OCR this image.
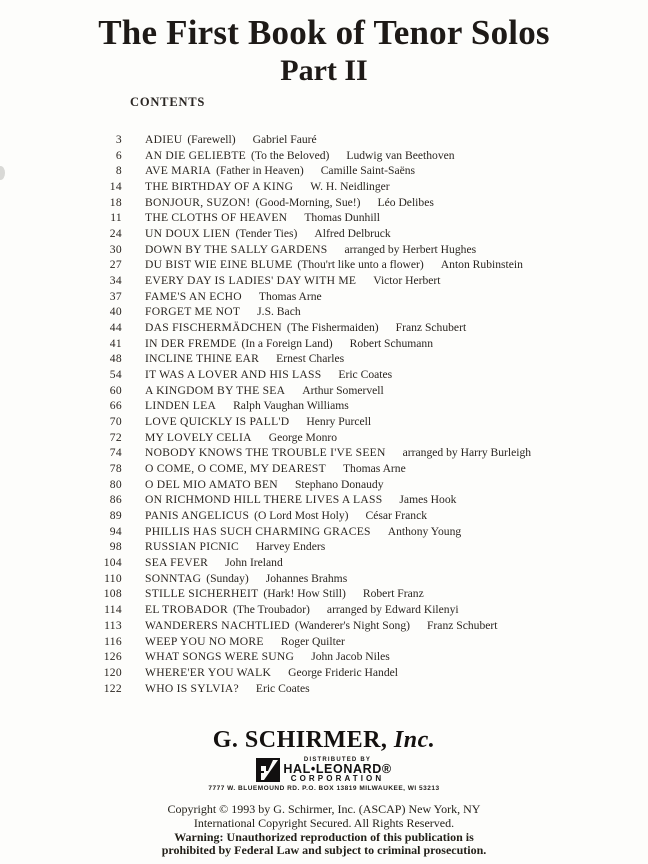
The First Book of Tenor Solos
Part II
CONTENTS
3 ADIEU (Farewell) Gabriel Fauré
6 AN DIE GELIEBTE (To the Beloved) Ludwig van Beethoven
8 AVE MARIA (Father in Heaven) Camille Saint-Saëns
14 THE BIRTHDAY OF A KING W. H. Neidlinger
18 BONJOUR, SUZON! (Good-Morning, Sue!) Léo Delibes
11 THE CLOTHS OF HEAVEN Thomas Dunhill
24 UN DOUX LIEN (Tender Ties) Alfred Delbruck
30 DOWN BY THE SALLY GARDENS arranged by Herbert Hughes
27 DU BIST WIE EINE BLUME (Thou'rt like unto a flower) Anton Rubinstein
34 EVERY DAY IS LADIES' DAY WITH ME Victor Herbert
37 FAME'S AN ECHO Thomas Arne
40 FORGET ME NOT J.S. Bach
44 DAS FISCHERMÄDCHEN (The Fishermaiden) Franz Schubert
41 IN DER FREMDE (In a Foreign Land) Robert Schumann
48 INCLINE THINE EAR Ernest Charles
54 IT WAS A LOVER AND HIS LASS Eric Coates
60 A KINGDOM BY THE SEA Arthur Somervell
66 LINDEN LEA Ralph Vaughan Williams
70 LOVE QUICKLY IS PALL'D Henry Purcell
72 MY LOVELY CELIA George Monro
74 NOBODY KNOWS THE TROUBLE I'VE SEEN arranged by Harry Burleigh
78 O COME, O COME, MY DEAREST Thomas Arne
80 O DEL MIO AMATO BEN Stephano Donaudy
86 ON RICHMOND HILL THERE LIVES A LASS James Hook
89 PANIS ANGELICUS (O Lord Most Holy) César Franck
94 PHILLIS HAS SUCH CHARMING GRACES Anthony Young
98 RUSSIAN PICNIC Harvey Enders
104 SEA FEVER John Ireland
110 SONNTAG (Sunday) Johannes Brahms
108 STILLE SICHERHEIT (Hark! How Still) Robert Franz
114 EL TROBADOR (The Troubador) arranged by Edward Kilenyi
113 WANDERERS NACHTLIED (Wanderer's Night Song) Franz Schubert
116 WEEP YOU NO MORE Roger Quilter
126 WHAT SONGS WERE SUNG John Jacob Niles
120 WHERE'ER YOU WALK George Frideric Handel
122 WHO IS SYLVIA? Eric Coates
G. SCHIRMER, Inc.
DISTRIBUTED BY
HAL•LEONARD®
CORPORATION
7777 W. BLUEMOUND RD. P.O. BOX 13819 MILWAUKEE, WI 53213
Copyright © 1993 by G. Schirmer, Inc. (ASCAP) New York, NY
International Copyright Secured. All Rights Reserved.
Warning: Unauthorized reproduction of this publication is
prohibited by Federal Law and subject to criminal prosecution.
